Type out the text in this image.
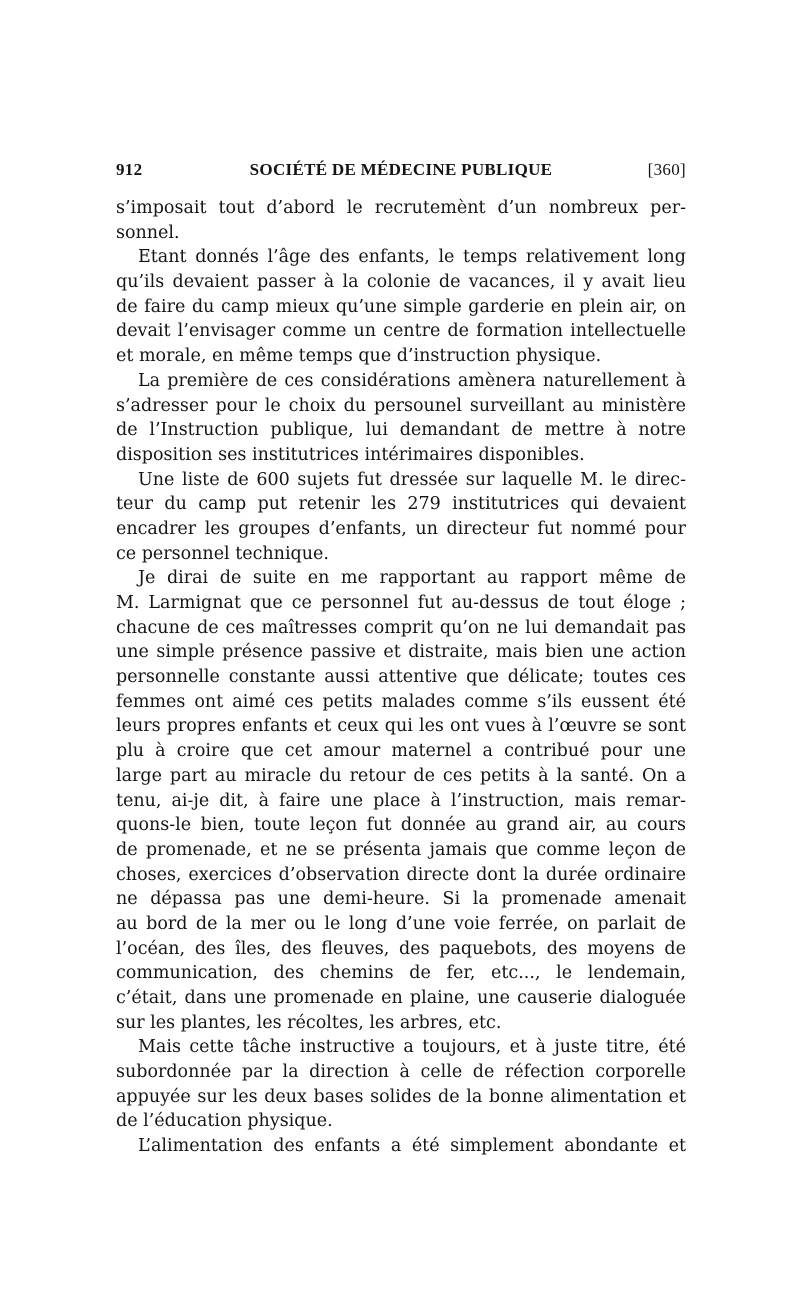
912	SOCIÉTÉ DE MÉDECINE PUBLIQUE	[360]
s’imposait tout d’abord le recrutemènt d’un nombreux per-
sonnel.
Etant donnés l’âge des enfants, le temps relativement long
qu’ils devaient passer à la colonie de vacances, il y avait lieu
de faire du camp mieux qu’une simple garderie en plein air, on
devait l’envisager comme un centre de formation intellectuelle
et morale, en même temps que d’instruction physique.
La première de ces considérations amènera naturellement à
s’adresser pour le choix du persounel surveillant au ministère
de l’Instruction publique, lui demandant de mettre à notre
disposition ses institutrices intérimaires disponibles.
Une liste de 600 sujets fut dressée sur laquelle M. le direc-
teur du camp put retenir les 279 institutrices qui devaient
encadrer les groupes d’enfants, un directeur fut nommé pour
ce personnel technique.
Je dirai de suite en me rapportant au rapport même de
M. Larmignat que ce personnel fut au-dessus de tout éloge ;
chacune de ces maîtresses comprit qu’on ne lui demandait pas
une simple présence passive et distraite, mais bien une action
personnelle constante aussi attentive que délicate; toutes ces
femmes ont aimé ces petits malades comme s’ils eussent été
leurs propres enfants et ceux qui les ont vues à l’œuvre se sont
plu à croire que cet amour maternel a contribué pour une
large part au miracle du retour de ces petits à la santé. On a
tenu, ai-je dit, à faire une place à l’instruction, mais remar-
quons-le bien, toute leçon fut donnée au grand air, au cours
de promenade, et ne se présenta jamais que comme leçon de
choses, exercices d’observation directe dont la durée ordinaire
ne dépassa pas une demi-heure. Si la promenade amenait
au bord de la mer ou le long d’une voie ferrée, on parlait de
l’océan, des îles, des fleuves, des paquebots, des moyens de
communication, des chemins de fer, etc..., le lendemain,
c’était, dans une promenade en plaine, une causerie dialoguée
sur les plantes, les récoltes, les arbres, etc.
Mais cette tâche instructive a toujours, et à juste titre, été
subordonnée par la direction à celle de réfection corporelle
appuyée sur les deux bases solides de la bonne alimentation et
de l’éducation physique.
L’alimentation des enfants a été simplement abondante et
